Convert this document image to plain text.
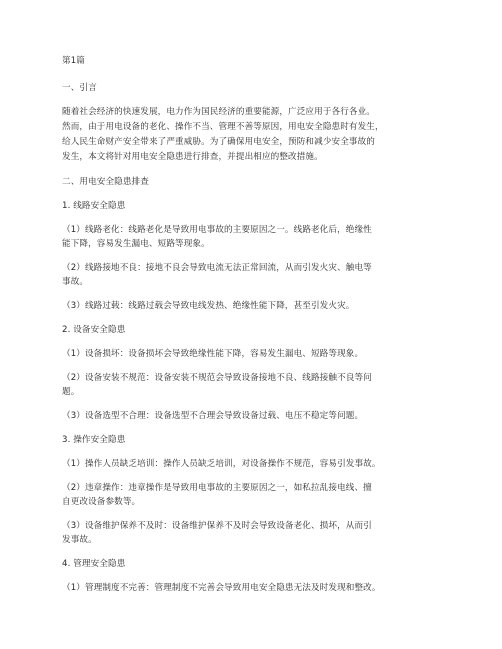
第1篇
一、引言
随着社会经济的快速发展，电力作为国民经济的重要能源，广泛应用于各行各业。
然而，由于用电设备的老化、操作不当、管理不善等原因，用电安全隐患时有发生，
给人民生命财产安全带来了严重威胁。为了确保用电安全，预防和减少安全事故的
发生，本文将针对用电安全隐患进行排查，并提出相应的整改措施。
二、用电安全隐患排查
1. 线路安全隐患
（1）线路老化：线路老化是导致用电事故的主要原因之一。线路老化后，绝缘性
能下降，容易发生漏电、短路等现象。
（2）线路接地不良：接地不良会导致电流无法正常回流，从而引发火灾、触电等
事故。
（3）线路过载：线路过载会导致电线发热、绝缘性能下降，甚至引发火灾。
2. 设备安全隐患
（1）设备损坏：设备损坏会导致绝缘性能下降，容易发生漏电、短路等现象。
（2）设备安装不规范：设备安装不规范会导致设备接地不良、线路接触不良等问
题。
（3）设备选型不合理：设备选型不合理会导致设备过载、电压不稳定等问题。
3. 操作安全隐患
（1）操作人员缺乏培训：操作人员缺乏培训，对设备操作不规范，容易引发事故。
（2）违章操作：违章操作是导致用电事故的主要原因之一，如私拉乱接电线、擅
自更改设备参数等。
（3）设备维护保养不及时：设备维护保养不及时会导致设备老化、损坏，从而引
发事故。
4. 管理安全隐患
（1）管理制度不完善：管理制度不完善会导致用电安全隐患无法及时发现和整改。
